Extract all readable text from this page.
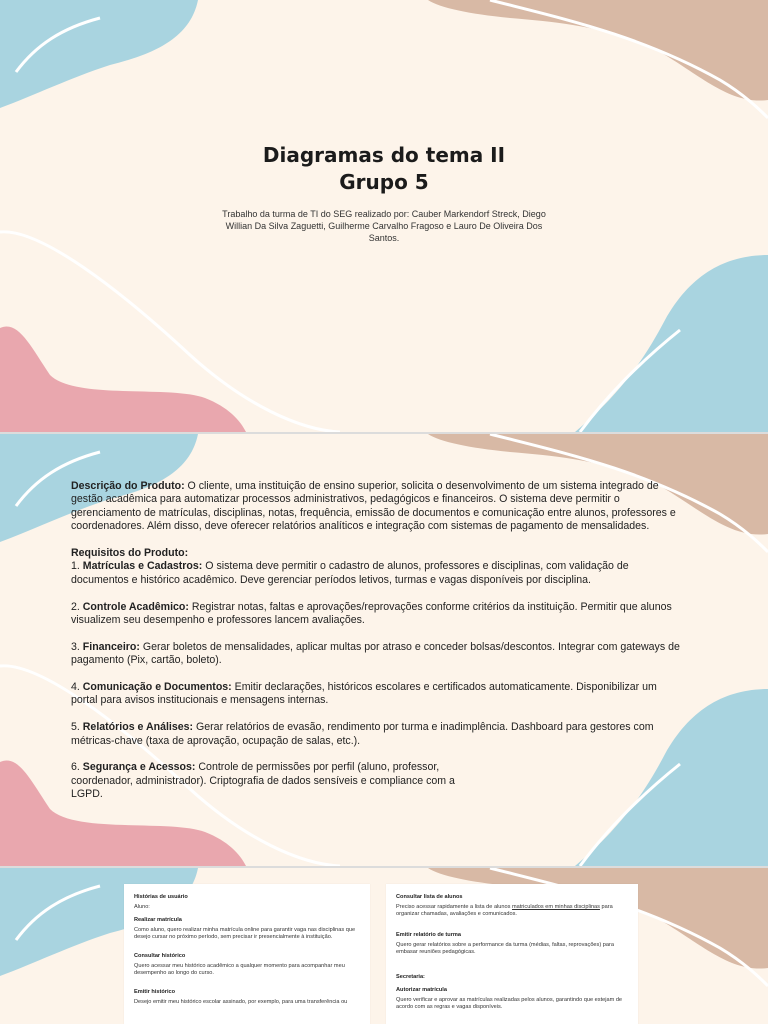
Diagramas do tema II
Grupo 5
Trabalho da turma de TI do SEG realizado por: Cauber Markendorf Streck, Diego Willian Da Silva Zaguetti, Guilherme Carvalho Fragoso e Lauro De Oliveira Dos Santos.

Descrição do Produto: O cliente, uma instituição de ensino superior, solicita o desenvolvimento de um sistema integrado de gestão acadêmica para automatizar processos administrativos, pedagógicos e financeiros. O sistema deve permitir o gerenciamento de matrículas, disciplinas, notas, frequência, emissão de documentos e comunicação entre alunos, professores e coordenadores. Além disso, deve oferecer relatórios analíticos e integração com sistemas de pagamento de mensalidades.

Requisitos do Produto:

1. Matrículas e Cadastros: O sistema deve permitir o cadastro de alunos, professores e disciplinas, com validação de documentos e histórico acadêmico. Deve gerenciar períodos letivos, turmas e vagas disponíveis por disciplina.

2. Controle Acadêmico: Registrar notas, faltas e aprovações/reprovações conforme critérios da instituição. Permitir que alunos visualizem seu desempenho e professores lancem avaliações.

3. Financeiro: Gerar boletos de mensalidades, aplicar multas por atraso e conceder bolsas/descontos. Integrar com gateways de pagamento (Pix, cartão, boleto).

4. Comunicação e Documentos: Emitir declarações, históricos escolares e certificados automaticamente. Disponibilizar um portal para avisos institucionais e mensagens internas.

5. Relatórios e Análises: Gerar relatórios de evasão, rendimento por turma e inadimplência. Dashboard para gestores com métricas-chave (taxa de aprovação, ocupação de salas, etc.).

6. Segurança e Acessos: Controle de permissões por perfil (aluno, professor, coordenador, administrador). Criptografia de dados sensíveis e compliance com a LGPD.

Histórias de usuário
Aluno:
Realizar matrícula
Como aluno, quero realizar minha matrícula online para garantir vaga nas disciplinas que desejo cursar no próximo período, sem precisar ir presencialmente à instituição.
Consultar histórico
Quero acessar meu histórico acadêmico a qualquer momento para acompanhar meu desempenho ao longo do curso.
Emitir histórico
Desejo emitir meu histórico escolar assinado, por exemplo, para uma transferência ou
Consultar lista de alunos
Preciso acessar rapidamente a lista de alunos matriculados em minhas disciplinas para organizar chamadas, avaliações e comunicados.
Emitir relatório de turma
Quero gerar relatórios sobre a performance da turma (médias, faltas, reprovações) para embasar reuniões pedagógicas.
Secretaria:
Autorizar matrícula
Quero verificar e aprovar as matrículas realizadas pelos alunos, garantindo que estejam de acordo com as regras e vagas disponíveis.
